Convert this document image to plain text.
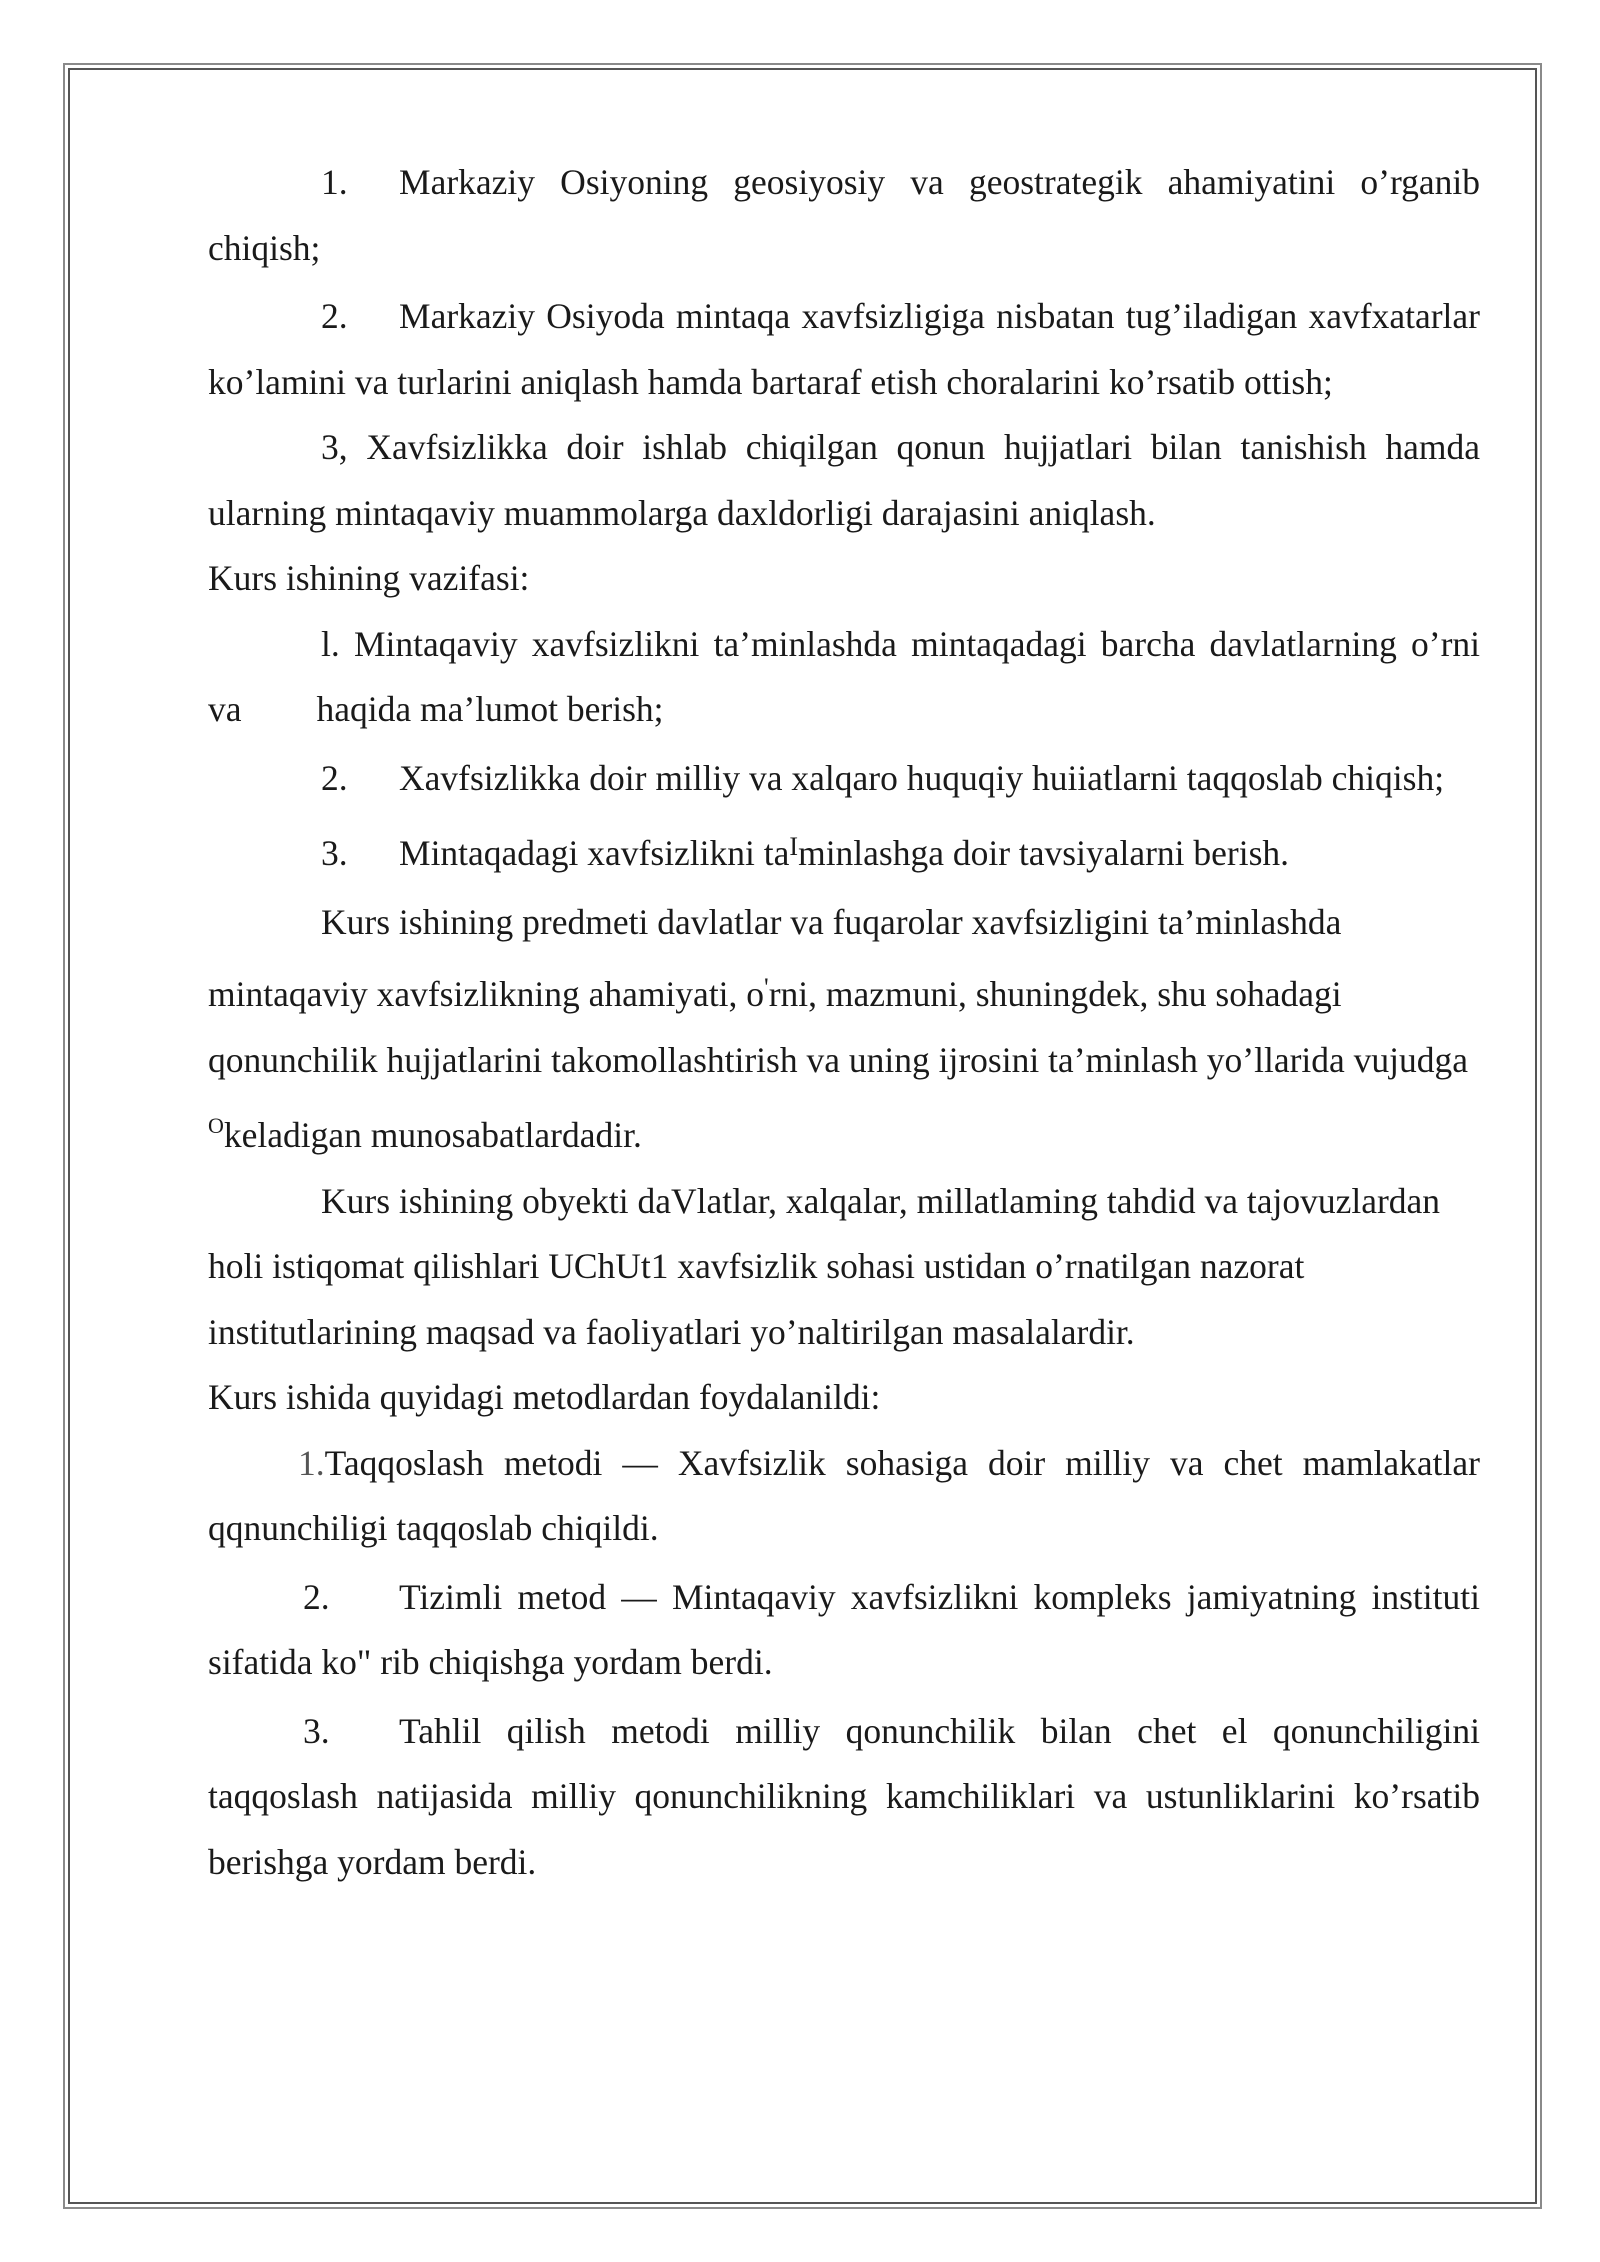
1. Markaziy Osiyoning geosiyosiy va geostrategik ahamiyatini o’rganib chiqish;

2. Markaziy Osiyoda mintaqa xavfsizligiga nisbatan tug’iladigan xavfxatarlar ko’lamini va turlarini aniqlash hamda bartaraf etish choralarini ko’rsatib ottish;

3, Xavfsizlikka doir ishlab chiqilgan qonun hujjatlari bilan tanishish hamda ularning mintaqaviy muammolarga daxldorligi darajasini aniqlash.

Kurs ishining vazifasi:

l. Mintaqaviy xavfsizlikni ta’minlashda mintaqadagi barcha davlatlarning o’rni va haqida ma’lumot berish;

2. Xavfsizlikka doir milliy va xalqaro huquqiy huiiatlarni taqqoslab chiqish;

3. Mintaqadagi xavfsizlikni $ta^Iminlashga$ doir tavsiyalarni berish.

Kurs ishining predmeti davlatlar va fuqarolar xavfsizligini ta’minlashda mintaqaviy xavfsizlikning ahamiyati, o'rni, mazmuni, shuningdek, shu sohadagi qonunchilik hujjatlarini takomollashtirish va uning ijrosini ta’minlash yo’llarida vujudga $^O$keladigan munosabatlardadir.

Kurs ishining obyekti daVlatlar, xalqalar, millatlaming tahdid va tajovuzlardan holi istiqomat qilishlari UChUt1 xavfsizlik sohasi ustidan o’rnatilgan nazorat institutlarining maqsad va faoliyatlari yo’naltirilgan masalalardir.

Kurs ishida quyidagi metodlardan foydalanildi:

1.Taqqoslash metodi — Xavfsizlik sohasiga doir milliy va chet mamlakatlar qqnunchiligi taqqoslab chiqildi.

2. Tizimli metod — Mintaqaviy xavfsizlikni kompleks jamiyatning instituti sifatida ko" rib chiqishga yordam berdi.

3. Tahlil qilish metodi milliy qonunchilik bilan chet el qonunchiligini taqqoslash natijasida milliy qonunchilikning kamchiliklari va ustunliklarini ko’rsatib berishga yordam berdi.
